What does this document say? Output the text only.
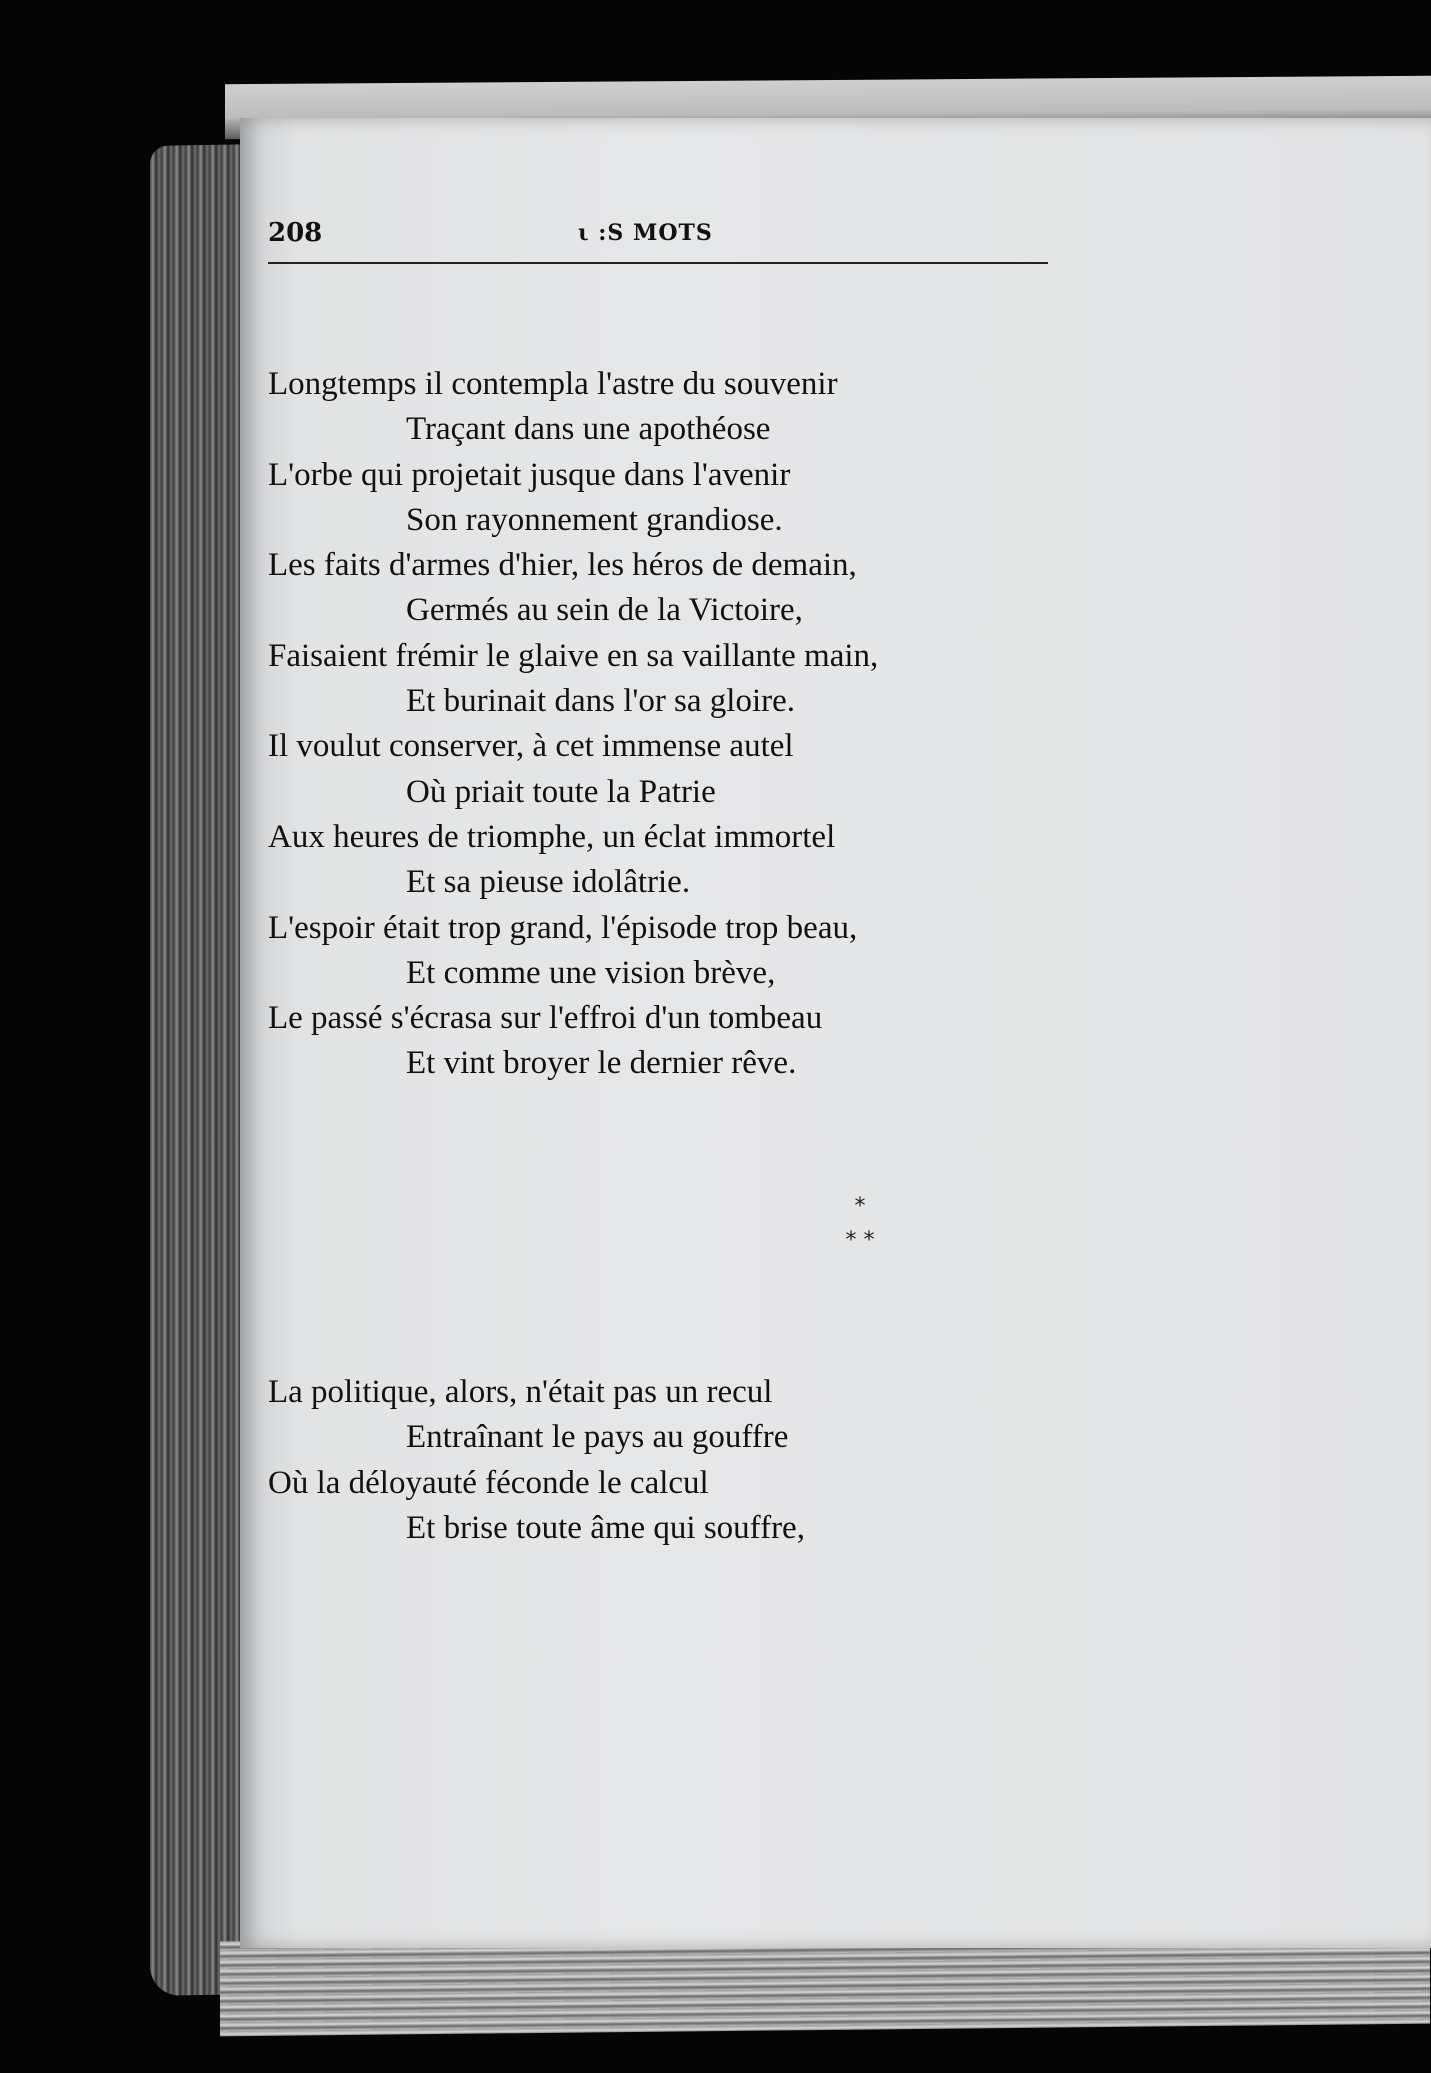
208	ι :S MOTS
Longtemps il contempla l'astre du souvenir
Traçant dans une apothéose
L'orbe qui projetait jusque dans l'avenir
Son rayonnement grandiose.
Les faits d'armes d'hier, les héros de demain,
Germés au sein de la Victoire,
Faisaient frémir le glaive en sa vaillante main,
Et burinait dans l'or sa gloire.
Il voulut conserver, à cet immense autel
Où priait toute la Patrie
Aux heures de triomphe, un éclat immortel
Et sa pieuse idolâtrie.
L'espoir était trop grand, l'épisode trop beau,
Et comme une vision brève,
Le passé s'écrasa sur l'effroi d'un tombeau
Et vint broyer le dernier rêve.
*
* *
La politique, alors, n'était pas un recul
Entraînant le pays au gouffre
Où la déloyauté féconde le calcul
Et brise toute âme qui souffre,
